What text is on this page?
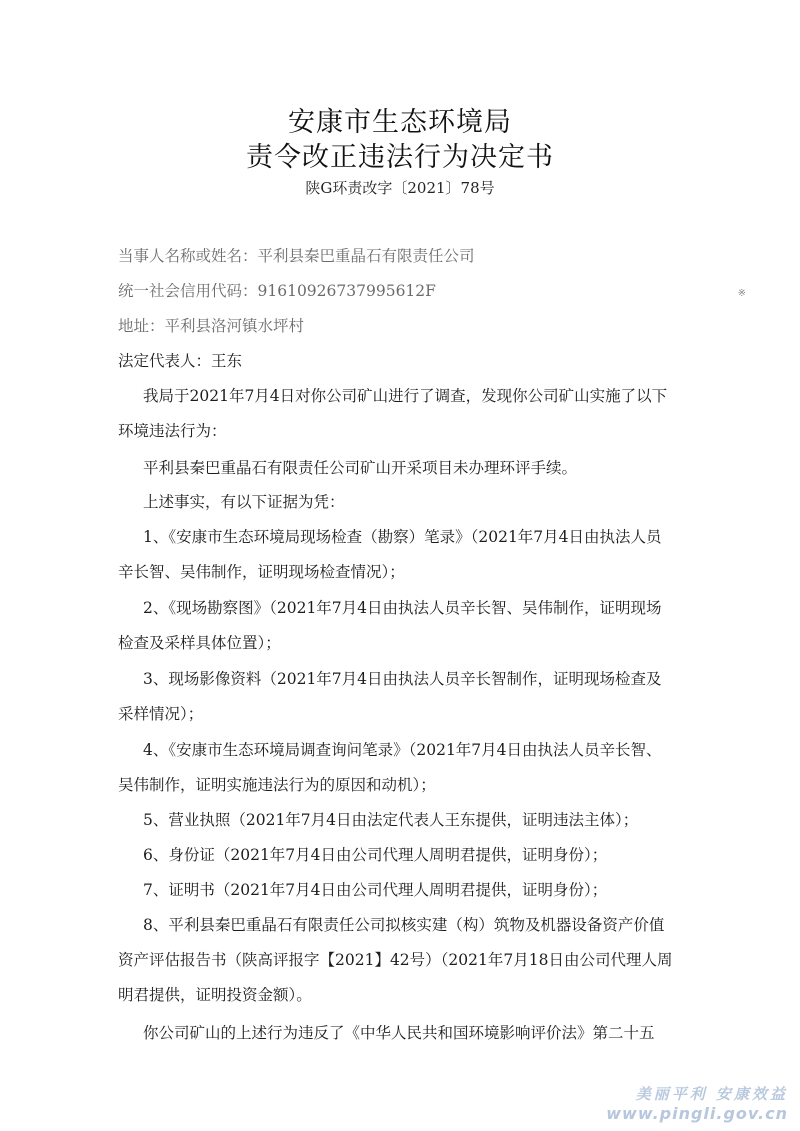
安康市生态环境局
责令改正违法行为决定书
陕G环责改字〔2021〕78号
当事人名称或姓名：平利县秦巴重晶石有限责任公司
统一社会信用代码：91610926737995612F	※
地址：平利县洛河镇水坪村
法定代表人：王东
我局于2021年7月4日对你公司矿山进行了调查，发现你公司矿山实施了以下
环境违法行为：
平利县秦巴重晶石有限责任公司矿山开采项目未办理环评手续。
上述事实，有以下证据为凭：
1、《安康市生态环境局现场检查（勘察）笔录》（2021年7月4日由执法人员
辛长智、吴伟制作，证明现场检查情况）；
2、《现场勘察图》（2021年7月4日由执法人员辛长智、吴伟制作，证明现场
检查及采样具体位置）；
3、现场影像资料（2021年7月4日由执法人员辛长智制作，证明现场检查及
采样情况）；
4、《安康市生态环境局调查询问笔录》（2021年7月4日由执法人员辛长智、
吴伟制作，证明实施违法行为的原因和动机）；
5、营业执照（2021年7月4日由法定代表人王东提供，证明违法主体）；
6、身份证（2021年7月4日由公司代理人周明君提供，证明身份）；
7、证明书（2021年7月4日由公司代理人周明君提供，证明身份）；
8、平利县秦巴重晶石有限责任公司拟核实建（构）筑物及机器设备资产价值
资产评估报告书（陕高评报字【2021】42号）（2021年7月18日由公司代理人周
明君提供，证明投资金额）。
你公司矿山的上述行为违反了《中华人民共和国环境影响评价法》第二十五
美丽平利 安康效益
www.pingli.gov.cn
